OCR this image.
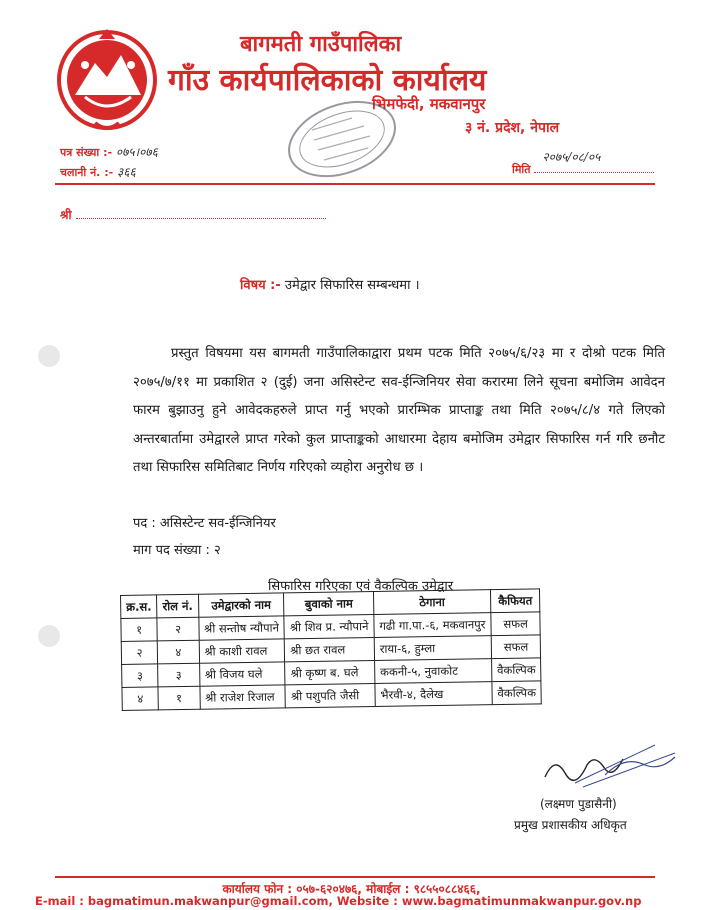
बागमती गाउँपालिका
गाँउ कार्यपालिकाको कार्यालय
भिमफेदी, मकवानपुर
३ नं. प्रदेश, नेपाल
पत्र संख्या :- ०७५।०७६
चलानी नं. :- ३६६	मिति
२०७५/०८/०५
श्री
विषय :- उमेद्वार सिफारिस सम्बन्धमा ।
प्रस्तुत विषयमा यस बागमती गाउँपालिकाद्वारा प्रथम पटक मिति २०७५/६/२३ मा र दोश्रो पटक मिति २०७५/७/११ मा प्रकाशित २ (दुई) जना असिस्टेन्ट सव-ईन्जिनियर सेवा करारमा लिने सूचना बमोजिम आवेदन फारम बुझाउनु हुने आवेदकहरुले प्राप्त गर्नु भएको प्रारम्भिक प्राप्ताङ्क तथा मिति २०७५/८/४ गते लिएको अन्तरबार्तामा उमेद्वारले प्राप्त गरेको कुल प्राप्ताङ्कको आधारमा देहाय बमोजिम उमेद्वार सिफारिस गर्न गरि छनौट तथा सिफारिस समितिबाट निर्णय गरिएको व्यहोरा अनुरोध छ ।
पद : असिस्टेन्ट सव-ईन्जिनियर
माग पद संख्या : २
सिफारिस गरिएका एवं वैकल्पिक उमेद्वार
क्र.स.	रोल नं.	उमेद्वारको नाम	बुवाको नाम	ठेगाना	कैफियत
१	२	श्री सन्तोष न्यौपाने	श्री शिव प्र. न्यौपाने	गढी गा.पा.-६, मकवानपुर	सफल
२	४	श्री काशी रावल	श्री छत रावल	राया-६, हुम्ला	सफल
३	३	श्री विजय घले	श्री कृष्ण ब. घले	ककनी-५, नुवाकोट	वैकल्पिक
४	१	श्री राजेश रिजाल	श्री पशुपति जैसी	भैरवी-४, दैलेख	वैकल्पिक
(लक्ष्मण पुडासैनी)
प्रमुख प्रशासकीय अधिकृत
कार्यालय फोन : ०५७-६२०४७६, मोबाईल : ९८५५०८८४६६,
E-mail : bagmatimun.makwanpur@gmail.com, Website : www.bagmatimunmakwanpur.gov.np
